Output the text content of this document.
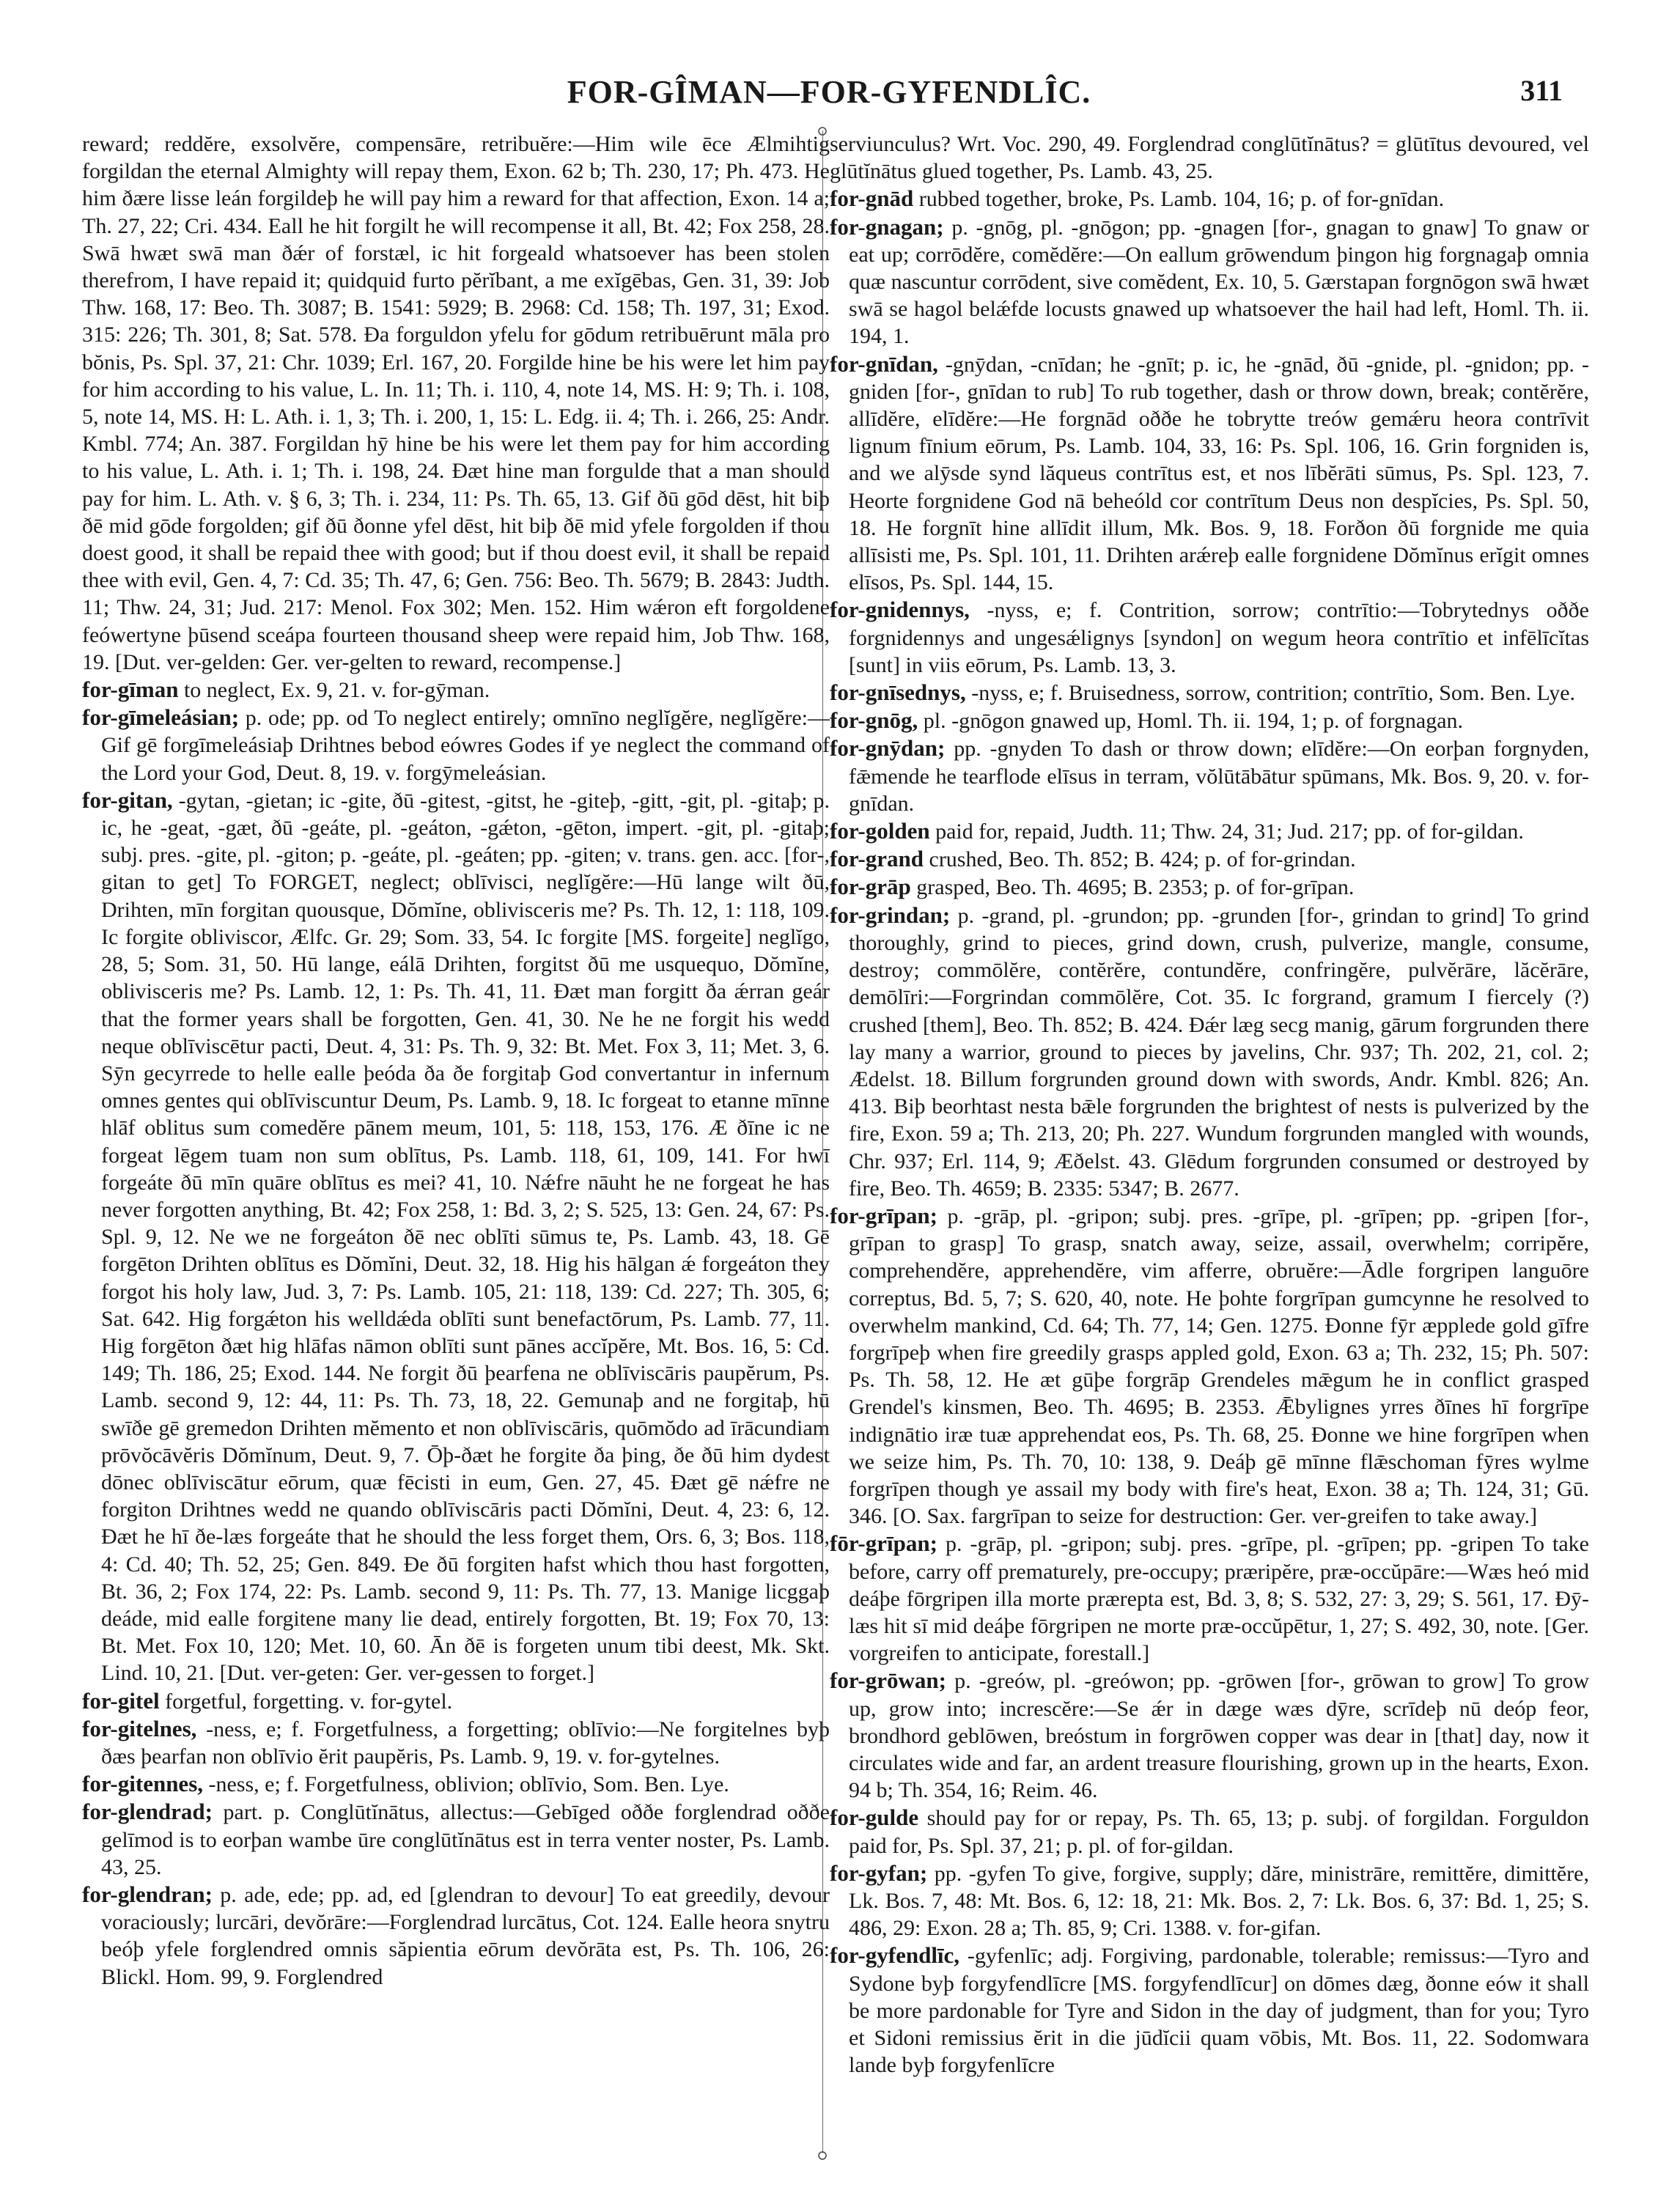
FOR-GÎMAN—FOR-GYFENDLÎC.	311

reward; reddĕre, exsolvĕre, compensāre, retribuĕre:—Him wile ēce Ælmihtig forgildan the eternal Almighty will repay them, Exon. 62 b; Th. 230, 17; Ph. 473. He him ðære lisse leán forgildeþ he will pay him a reward for that affection, Exon. 14 a; Th. 27, 22; Cri. 434. Eall he hit forgilt he will recompense it all, Bt. 42; Fox 258, 28. Swā hwæt swā man ðǽr of forstæl, ic hit forgeald whatsoever has been stolen therefrom, I have repaid it; quidquid furto pĕrĭbant, a me exĭgēbas, Gen. 31, 39: Job Thw. 168, 17: Beo. Th. 3087; B. 1541: 5929; B. 2968: Cd. 158; Th. 197, 31; Exod. 315: 226; Th. 301, 8; Sat. 578. Ða forguldon yfelu for gōdum retribuērunt māla pro bŏnis, Ps. Spl. 37, 21: Chr. 1039; Erl. 167, 20. Forgilde hine be his were let him pay for him according to his value, L. In. 11; Th. i. 110, 4, note 14, MS. H: 9; Th. i. 108, 5, note 14, MS. H: L. Ath. i. 1, 3; Th. i. 200, 1, 15: L. Edg. ii. 4; Th. i. 266, 25: Andr. Kmbl. 774; An. 387. Forgildan hȳ hine be his were let them pay for him according to his value, L. Ath. i. 1; Th. i. 198, 24. Ðæt hine man forgulde that a man should pay for him. L. Ath. v. § 6, 3; Th. i. 234, 11: Ps. Th. 65, 13. Gif ðū gōd dēst, hit biþ ðē mid gōde forgolden; gif ðū ðonne yfel dēst, hit biþ ðē mid yfele forgolden if thou doest good, it shall be repaid thee with good; but if thou doest evil, it shall be repaid thee with evil, Gen. 4, 7: Cd. 35; Th. 47, 6; Gen. 756: Beo. Th. 5679; B. 2843: Judth. 11; Thw. 24, 31; Jud. 217: Menol. Fox 302; Men. 152. Him wǽron eft forgoldene feówertyne þūsend sceápa fourteen thousand sheep were repaid him, Job Thw. 168, 19. [Dut. ver-gelden: Ger. ver-gelten to reward, recompense.]

for-gīman to neglect, Ex. 9, 21. v. for-gȳman.

for-gīmeleásian; p. ode; pp. od To neglect entirely; omnīno neglĭgĕre, neglĭgĕre:—Gif gē forgīmeleásiaþ Drihtnes bebod eówres Godes if ye neglect the command of the Lord your God, Deut. 8, 19. v. forgȳmeleásian.

for-gitan, -gytan, -gietan; ic -gite, ðū -gitest, -gitst, he -giteþ, -gitt, -git, pl. -gitaþ; p. ic, he -geat, -gæt, ðū -geáte, pl. -geáton, -gǽton, -gēton, impert. -git, pl. -gitaþ; subj. pres. -gite, pl. -giton; p. -geáte, pl. -geáten; pp. -giten; v. trans. gen. acc. [for-, gitan to get] To FORGET, neglect; oblīvisci, neglĭgĕre:—Hū lange wilt ðū, Drihten, mīn forgitan quousque, Dŏmĭne, oblivisceris me? Ps. Th. 12, 1: 118, 109. Ic forgite obliviscor, Ælfc. Gr. 29; Som. 33, 54. Ic forgite [MS. forgeite] neglĭgo, 28, 5; Som. 31, 50. Hū lange, eálā Drihten, forgitst ðū me usquequo, Dŏmĭne, oblivisceris me? Ps. Lamb. 12, 1: Ps. Th. 41, 11. Ðæt man forgitt ða ǽrran geár that the former years shall be forgotten, Gen. 41, 30. Ne he ne forgit his wedd neque oblīviscētur pacti, Deut. 4, 31: Ps. Th. 9, 32: Bt. Met. Fox 3, 11; Met. 3, 6. Sȳn gecyrrede to helle ealle þeóda ða ðe forgitaþ God convertantur in infernum omnes gentes qui oblīviscuntur Deum, Ps. Lamb. 9, 18. Ic forgeat to etanne mīnne hlāf oblitus sum comedĕre pānem meum, 101, 5: 118, 153, 176. Æ ðīne ic ne forgeat lēgem tuam non sum oblītus, Ps. Lamb. 118, 61, 109, 141. For hwī forgeáte ðū mīn quāre oblītus es mei? 41, 10. Nǽfre nāuht he ne forgeat he has never forgotten anything, Bt. 42; Fox 258, 1: Bd. 3, 2; S. 525, 13: Gen. 24, 67: Ps. Spl. 9, 12. Ne we ne forgeáton ðē nec oblīti sūmus te, Ps. Lamb. 43, 18. Gē forgēton Drihten oblītus es Dŏmĭni, Deut. 32, 18. Hig his hālgan ǽ forgeáton they forgot his holy law, Jud. 3, 7: Ps. Lamb. 105, 21: 118, 139: Cd. 227; Th. 305, 6; Sat. 642. Hig forgǽton his welldǽda oblīti sunt benefactōrum, Ps. Lamb. 77, 11. Hig forgēton ðæt hig hlāfas nāmon oblīti sunt pānes accĭpĕre, Mt. Bos. 16, 5: Cd. 149; Th. 186, 25; Exod. 144. Ne forgit ðū þearfena ne oblīviscāris paupĕrum, Ps. Lamb. second 9, 12: 44, 11: Ps. Th. 73, 18, 22. Gemunaþ and ne forgitaþ, hū swīðe gē gremedon Drihten mĕmento et non oblīviscāris, quōmŏdo ad īrācundiam prōvŏcāvĕris Dŏmĭnum, Deut. 9, 7. Ōþ-ðæt he forgite ða þing, ðe ðū him dydest dōnec oblīviscātur eōrum, quæ fēcisti in eum, Gen. 27, 45. Ðæt gē nǽfre ne forgiton Drihtnes wedd ne quando oblīviscāris pacti Dŏmĭni, Deut. 4, 23: 6, 12. Ðæt he hī ðe-læs forgeáte that he should the less forget them, Ors. 6, 3; Bos. 118, 4: Cd. 40; Th. 52, 25; Gen. 849. Ðe ðū forgiten hafst which thou hast forgotten, Bt. 36, 2; Fox 174, 22: Ps. Lamb. second 9, 11: Ps. Th. 77, 13. Manige licggaþ deáde, mid ealle forgitene many lie dead, entirely forgotten, Bt. 19; Fox 70, 13: Bt. Met. Fox 10, 120; Met. 10, 60. Ān ðē is forgeten unum tibi deest, Mk. Skt. Lind. 10, 21. [Dut. ver-geten: Ger. ver-gessen to forget.]

for-gitel forgetful, forgetting. v. for-gytel.

for-gitelnes, -ness, e; f. Forgetfulness, a forgetting; oblīvio:—Ne forgitelnes byþ ðæs þearfan non oblīvio ĕrit paupĕris, Ps. Lamb. 9, 19. v. for-gytelnes.

for-gitennes, -ness, e; f. Forgetfulness, oblivion; oblīvio, Som. Ben. Lye.

for-glendrad; part. p. Conglūtĭnātus, allectus:—Gebīged oððe forglendrad oððe gelīmod is to eorþan wambe ūre conglūtĭnātus est in terra venter noster, Ps. Lamb. 43, 25.

for-glendran; p. ade, ede; pp. ad, ed [glendran to devour] To eat greedily, devour voraciously; lurcāri, devŏrāre:—Forglendrad lurcātus, Cot. 124. Ealle heora snytru beóþ yfele forglendred omnis săpientia eōrum devŏrāta est, Ps. Th. 106, 26: Blickl. Hom. 99, 9. Forglendred

serviunculus? Wrt. Voc. 290, 49. Forglendrad conglūtĭnātus? = glūtītus devoured, vel glūtĭnātus glued together, Ps. Lamb. 43, 25.

for-gnād rubbed together, broke, Ps. Lamb. 104, 16; p. of for-gnīdan.

for-gnagan; p. -gnōg, pl. -gnōgon; pp. -gnagen [for-, gnagan to gnaw] To gnaw or eat up; corrōdĕre, comĕdĕre:—On eallum grōwendum þingon hig forgnagaþ omnia quæ nascuntur corrōdent, sive comĕdent, Ex. 10, 5. Gærstapan forgnōgon swā hwæt swā se hagol belǽfde locusts gnawed up whatsoever the hail had left, Homl. Th. ii. 194, 1.

for-gnīdan, -gnȳdan, -cnīdan; he -gnīt; p. ic, he -gnād, ðū -gnide, pl. -gnidon; pp. -gniden [for-, gnīdan to rub] To rub together, dash or throw down, break; contĕrĕre, allīdĕre, elīdĕre:—He forgnād oððe he tobrytte treów gemǽru heora contrīvit lignum fīnium eōrum, Ps. Lamb. 104, 33, 16: Ps. Spl. 106, 16. Grin forgniden is, and we alȳsde synd lăqueus contrītus est, et nos lībĕrāti sūmus, Ps. Spl. 123, 7. Heorte forgnidene God nā beheóld cor contrītum Deus non despĭcies, Ps. Spl. 50, 18. He forgnīt hine allīdit illum, Mk. Bos. 9, 18. Forðon ðū forgnide me quia allīsisti me, Ps. Spl. 101, 11. Drihten arǽreþ ealle forgnidene Dŏmĭnus erĭgit omnes elīsos, Ps. Spl. 144, 15.

for-gnidennys, -nyss, e; f. Contrition, sorrow; contrītio:—Tobrytednys oððe forgnidennys and ungesǽlignys [syndon] on wegum heora contrītio et infēlīcĭtas [sunt] in viis eōrum, Ps. Lamb. 13, 3.

for-gnīsednys, -nyss, e; f. Bruisedness, sorrow, contrition; contrītio, Som. Ben. Lye.

for-gnōg, pl. -gnōgon gnawed up, Homl. Th. ii. 194, 1; p. of forgnagan.

for-gnȳdan; pp. -gnyden To dash or throw down; elīdĕre:—On eorþan forgnyden, fǣmende he tearflode elīsus in terram, vŏlūtābātur spūmans, Mk. Bos. 9, 20. v. for-gnīdan.

for-golden paid for, repaid, Judth. 11; Thw. 24, 31; Jud. 217; pp. of for-gildan.

for-grand crushed, Beo. Th. 852; B. 424; p. of for-grindan.

for-grāp grasped, Beo. Th. 4695; B. 2353; p. of for-grīpan.

for-grindan; p. -grand, pl. -grundon; pp. -grunden [for-, grindan to grind] To grind thoroughly, grind to pieces, grind down, crush, pulverize, mangle, consume, destroy; commōlĕre, contĕrĕre, contundĕre, confringĕre, pulvĕrāre, lăcĕrāre, demōlīri:—Forgrindan commōlĕre, Cot. 35. Ic forgrand, gramum I fiercely (?) crushed [them], Beo. Th. 852; B. 424. Ðǽr læg secg manig, gārum forgrunden there lay many a warrior, ground to pieces by javelins, Chr. 937; Th. 202, 21, col. 2; Ædelst. 18. Billum forgrunden ground down with swords, Andr. Kmbl. 826; An. 413. Biþ beorhtast nesta bǣle forgrunden the brightest of nests is pulverized by the fire, Exon. 59 a; Th. 213, 20; Ph. 227. Wundum forgrunden mangled with wounds, Chr. 937; Erl. 114, 9; Æðelst. 43. Glēdum forgrunden consumed or destroyed by fire, Beo. Th. 4659; B. 2335: 5347; B. 2677.

for-grīpan; p. -grāp, pl. -gripon; subj. pres. -grīpe, pl. -grīpen; pp. -gripen [for-, grīpan to grasp] To grasp, snatch away, seize, assail, overwhelm; corripĕre, comprehendĕre, apprehendĕre, vim afferre, obruĕre:—Ādle forgripen languōre correptus, Bd. 5, 7; S. 620, 40, note. He þohte forgrīpan gumcynne he resolved to overwhelm mankind, Cd. 64; Th. 77, 14; Gen. 1275. Ðonne fȳr æpplede gold gīfre forgrīpeþ when fire greedily grasps appled gold, Exon. 63 a; Th. 232, 15; Ph. 507: Ps. Th. 58, 12. He æt gūþe forgrāp Grendeles mǣgum he in conflict grasped Grendel's kinsmen, Beo. Th. 4695; B. 2353. Ǣbylignes yrres ðīnes hī forgrīpe indignātio iræ tuæ apprehendat eos, Ps. Th. 68, 25. Ðonne we hine forgrīpen when we seize him, Ps. Th. 70, 10: 138, 9. Deáþ gē mīnne flǣschoman fȳres wylme forgrīpen though ye assail my body with fire's heat, Exon. 38 a; Th. 124, 31; Gū. 346. [O. Sax. fargrīpan to seize for destruction: Ger. ver-greifen to take away.]

fōr-grīpan; p. -grāp, pl. -gripon; subj. pres. -grīpe, pl. -grīpen; pp. -gripen To take before, carry off prematurely, pre-occupy; præripĕre, præ-occŭpāre:—Wæs heó mid deáþe fōrgripen illa morte prærepta est, Bd. 3, 8; S. 532, 27: 3, 29; S. 561, 17. Ðȳ-læs hit sī mid deáþe fōrgripen ne morte præ-occŭpētur, 1, 27; S. 492, 30, note. [Ger. vorgreifen to anticipate, forestall.]

for-grōwan; p. -greów, pl. -greówon; pp. -grōwen [for-, grōwan to grow] To grow up, grow into; increscĕre:—Se ǽr in dæge wæs dȳre, scrīdeþ nū deóp feor, brondhord geblōwen, breóstum in forgrōwen copper was dear in [that] day, now it circulates wide and far, an ardent treasure flourishing, grown up in the hearts, Exon. 94 b; Th. 354, 16; Reim. 46.

for-gulde should pay for or repay, Ps. Th. 65, 13; p. subj. of forgildan. Forguldon paid for, Ps. Spl. 37, 21; p. pl. of for-gildan.

for-gyfan; pp. -gyfen To give, forgive, supply; dăre, ministrāre, remittĕre, dimittĕre, Lk. Bos. 7, 48: Mt. Bos. 6, 12: 18, 21: Mk. Bos. 2, 7: Lk. Bos. 6, 37: Bd. 1, 25; S. 486, 29: Exon. 28 a; Th. 85, 9; Cri. 1388. v. for-gifan.

for-gyfendlīc, -gyfenlīc; adj. Forgiving, pardonable, tolerable; remissus:—Tyro and Sydone byþ forgyfendlīcre [MS. forgyfendlīcur] on dōmes dæg, ðonne eów it shall be more pardonable for Tyre and Sidon in the day of judgment, than for you; Tyro et Sidoni remissius ĕrit in die jūdĭcii quam vōbis, Mt. Bos. 11, 22. Sodomwara lande byþ forgyfenlīcre
